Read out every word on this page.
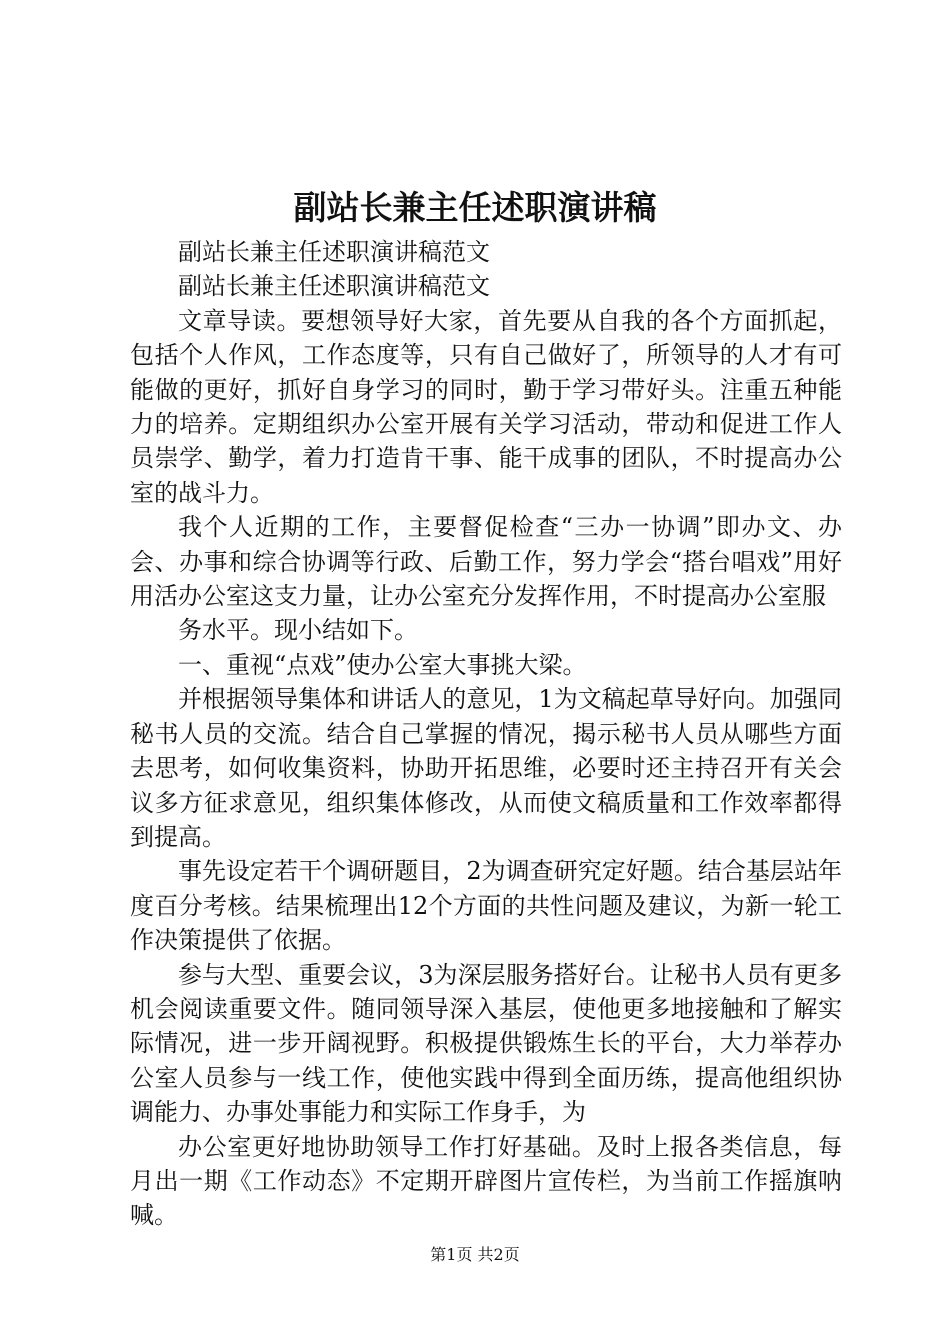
副站长兼主任述职演讲稿

副站长兼主任述职演讲稿范文

副站长兼主任述职演讲稿范文

文章导读。要想领导好大家，首先要从自我的各个方面抓起，包括个人作风，工作态度等，只有自己做好了，所领导的人才有可能做的更好，抓好自身学习的同时，勤于学习带好头。注重五种能力的培养。定期组织办公室开展有关学习活动，带动和促进工作人员崇学、勤学，着力打造肯干事、能干成事的团队，不时提高办公室的战斗力。

我个人近期的工作，主要督促检查“三办一协调”即办文、办会、办事和综合协调等行政、后勤工作，努力学会“搭台唱戏”用好用活办公室这支力量，让办公室充分发挥作用，不时提高办公室服

务水平。现小结如下。

一、重视“点戏”使办公室大事挑大梁。

并根据领导集体和讲话人的意见，1为文稿起草导好向。加强同秘书人员的交流。结合自己掌握的情况，揭示秘书人员从哪些方面去思考，如何收集资料，协助开拓思维，必要时还主持召开有关会议多方征求意见，组织集体修改，从而使文稿质量和工作效率都得到提高。

事先设定若干个调研题目，2为调查研究定好题。结合基层站年度百分考核。结果梳理出12个方面的共性问题及建议，为新一轮工作决策提供了依据。

参与大型、重要会议，3为深层服务搭好台。让秘书人员有更多机会阅读重要文件。随同领导深入基层，使他更多地接触和了解实际情况，进一步开阔视野。积极提供锻炼生长的平台，大力举荐办公室人员参与一线工作，使他实践中得到全面历练，提高他组织协调能力、办事处事能力和实际工作身手，为

办公室更好地协助领导工作打好基础。及时上报各类信息，每月出一期《工作动态》不定期开辟图片宣传栏，为当前工作摇旗呐喊。

第1页 共2页
